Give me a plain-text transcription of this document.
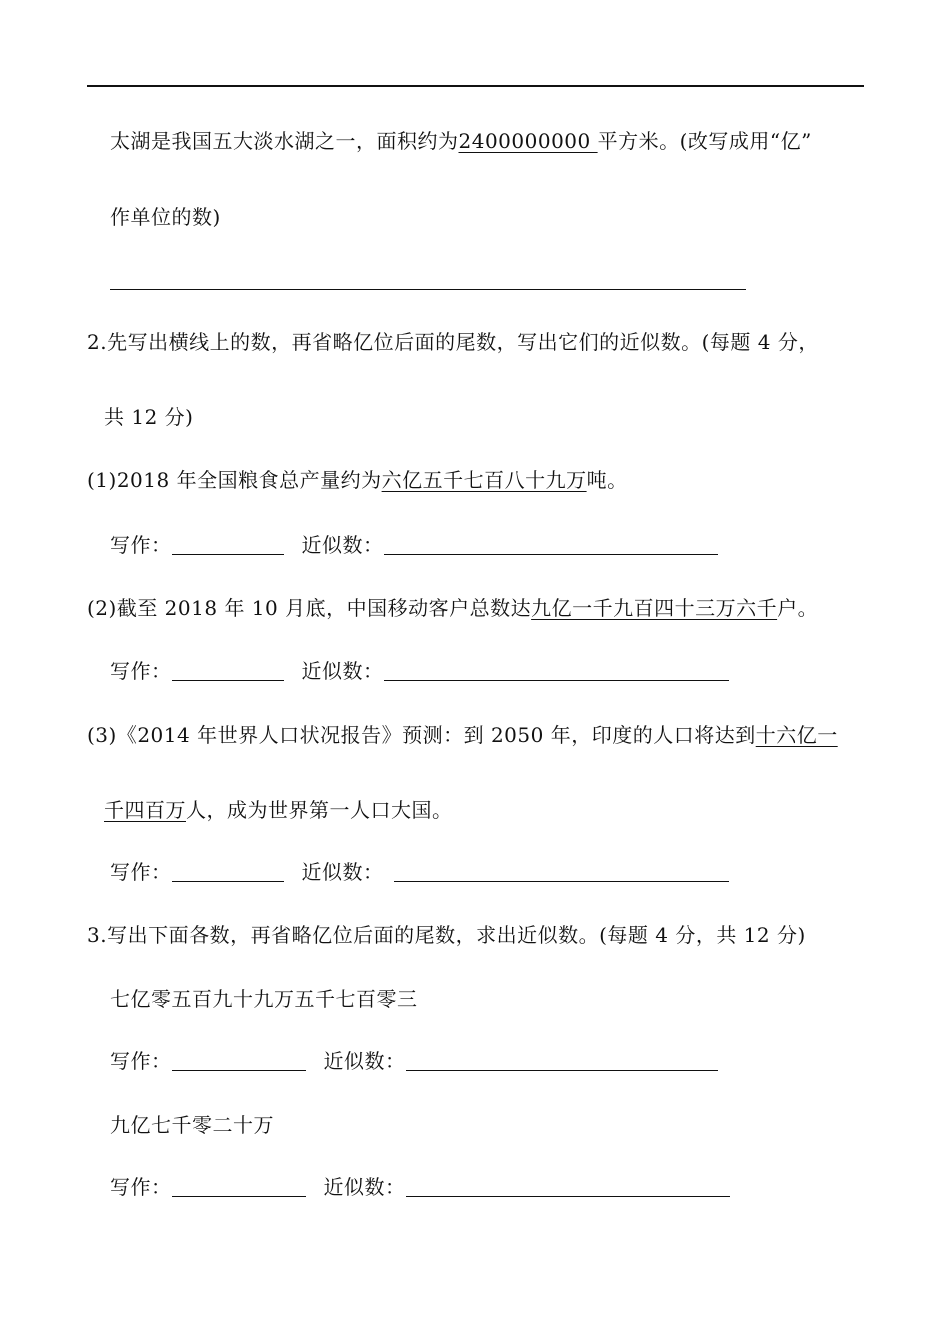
太湖是我国五大淡水湖之一，面积约为2400000000 平方米。(改写成用“亿”
作单位的数)
2.先写出横线上的数，再省略亿位后面的尾数，写出它们的近似数。(每题 4 分，
共 12 分)
(1)2018 年全国粮食总产量约为六亿五千七百八十九万吨。
写作：	近似数：
(2)截至 2018 年 10 月底，中国移动客户总数达九亿一千九百四十三万六千户。
写作：	近似数：
(3)《2014 年世界人口状况报告》预测：到 2050 年，印度的人口将达到十六亿一
千四百万人，成为世界第一人口大国。
写作：	近似数：
3.写出下面各数，再省略亿位后面的尾数，求出近似数。(每题 4 分，共 12 分)
七亿零五百九十九万五千七百零三
写作：	近似数：
九亿七千零二十万
写作：	近似数：
